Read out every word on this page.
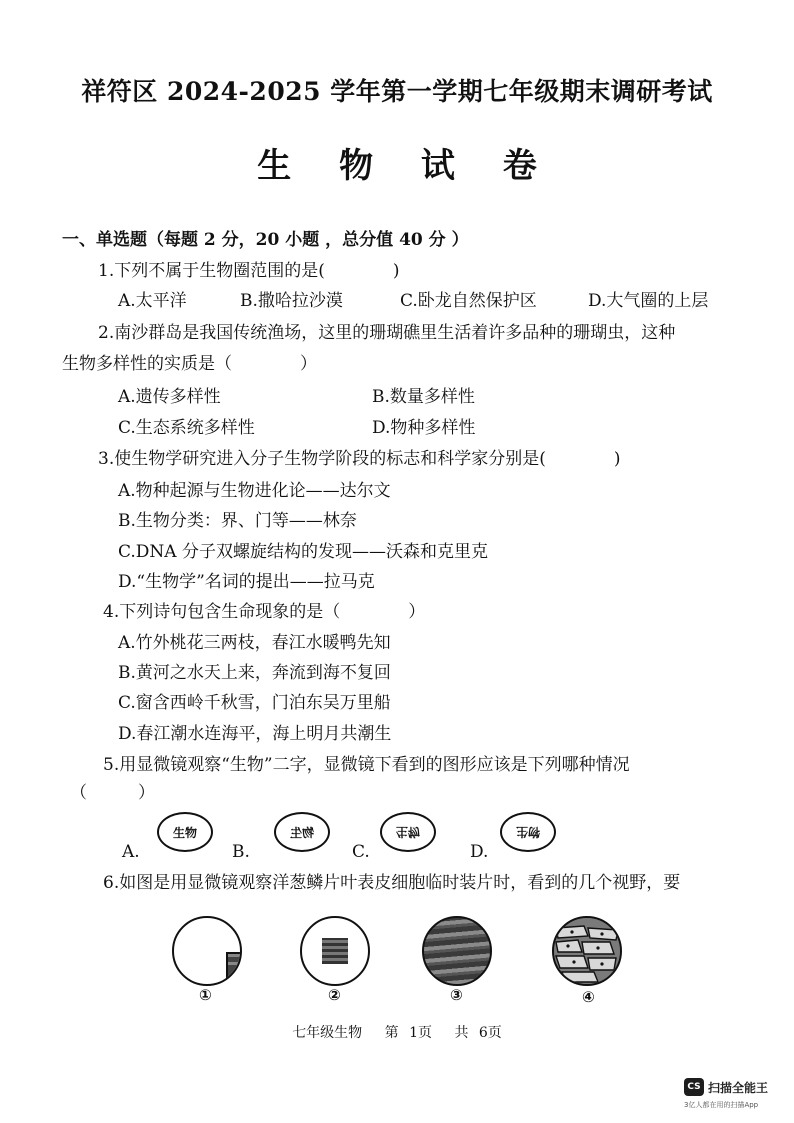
祥符区 2024-2025 学年第一学期七年级期末调研考试
生 物 试 卷
一、单选题（每题 2 分，20 小题 ，总分值 40 分 ）
1.下列不属于生物圈范围的是(　　　　)
A.太平洋	B.撒哈拉沙漠	C.卧龙自然保护区	D.大气圈的上层
2.南沙群岛是我国传统渔场，这里的珊瑚礁里生活着许多品种的珊瑚虫，这种
生物多样性的实质是（　　　　）
A.遗传多样性	B.数量多样性
C.生态系统多样性	D.物种多样性
3.使生物学研究进入分子生物学阶段的标志和科学家分别是(　　　　)
A.物种起源与生物进化论——达尔文
B.生物分类：界、门等——林奈
C.DNA 分子双螺旋结构的发现——沃森和克里克
D.“生物学”名词的提出——拉马克
4.下列诗句包含生命现象的是（　　　　）
A.竹外桃花三两枝，春江水暖鸭先知
B.黄河之水天上来，奔流到海不复回
C.窗含西岭千秋雪，门泊东吴万里船
D.春江潮水连海平，海上明月共潮生
5.用显微镜观察“生物”二字，显微镜下看到的图形应该是下列哪种情况
（　　　）
A.
生物
B.
物生
C.
生物
D.
物生
6.如图是用显微镜观察洋葱鳞片叶表皮细胞临时装片时，看到的几个视野，要
①	②	③	④
七年级生物 第 1页 共 6页
CS 扫描全能王
3亿人都在用的扫描App
